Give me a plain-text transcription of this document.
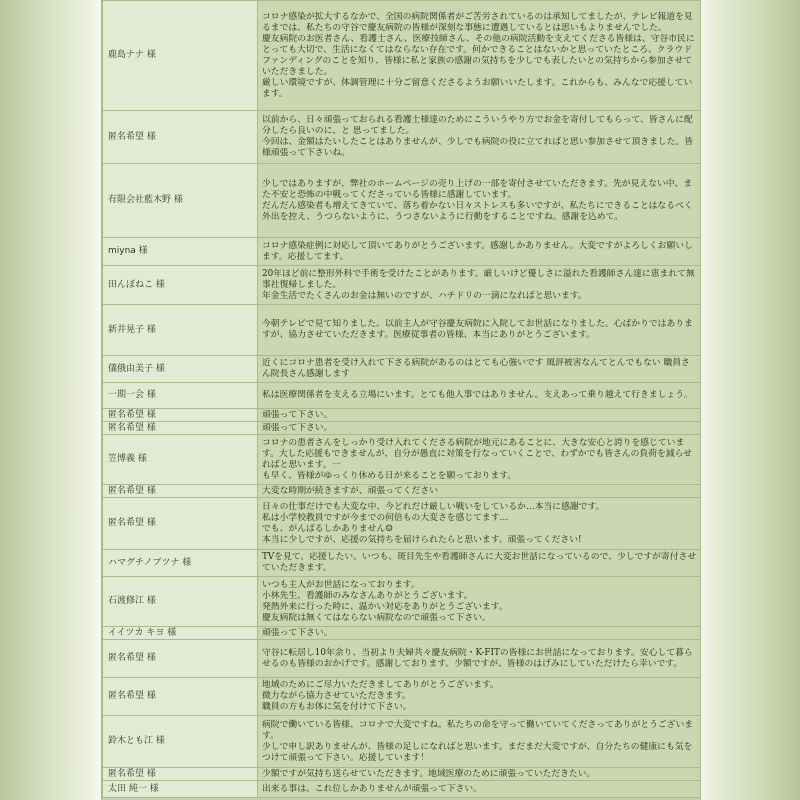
鹿島ナナ 様	コロナ感染が拡大するなかで、全国の病院関係者がご苦労されているのは承知してましたが、テレビ報道を見るまでは、私たちの守谷で慶友病院の皆様が深刻な事態に遭遇しているとは思いもよりませんでした。
慶友病院のお医者さん、看護士さん、医療技師さん、その他の病院活動を支えてくださる皆様は、守谷市民にとっても大切で、生活になくてはならない存在です。何かできることはないかと思っていたところ、クラウドファンディングのことを知り、皆様に私と家族の感謝の気持ちを少しでも表したいとの気持ちから参加させていただきました。
厳しい環境ですが、体調管理に十分ご留意くださるようお願いいたします。これからも、みんなで応援しています。
匿名希望 様	以前から、日々頑張っておられる看護士様達のためにこういうやり方でお金を寄付してもらって、皆さんに配分したら良いのに、と 思ってました。
今回は、金額はたいしたことはありませんが、少しでも病院の役に立てればと思い参加させて頂きました。皆様頑張って下さいね。
有限会社藍木野 様	少しではありますが、弊社のホームページの売り上げの一部を寄付させていただきます。先が見えない中、また不安と恐怖の中戦ってくださっている皆様に感謝しています。
だんだん感染者も増えてきていて、落ち着かない日々ストレスも多いですが、私たちにできることはなるべく外出を控え、うつらないように、うつさないように行動をすることですね。感謝を込めて。
miyna 様	コロナ感染症例に対応して頂いてありがとうございます。感謝しかありません。大変ですがよろしくお願いします。応援してます。
田んぼねこ 様	20年ほど前に整形外科で手術を受けたことがあります。厳しいけど優しさに溢れた看護師さん達に恵まれて無事社復帰しました。
年金生活でたくさんのお金は無いのですが、ハチドリの一滴になればと思います。
新井晃子 様	今朝テレビで見て知りました。以前主人が守谷慶友病院に入院してお世話になりました。心ばかりではありますが、協力させていただきます。医療従事者の皆様、本当にありがとうございます。
儀俄由美子 様	近くにコロナ患者を受け入れて下さる病院があるのはとても心強いです 風評被害なんてとんでもない 職員さん院長さん感謝します
一期一会 様	私は医療関係者を支える立場にいます。とても他人事ではありません。支えあって乗り越えて行きましょう。
匿名希望 様	頑張って下さい。
匿名希望 様	頑張って下さい。
笠博義 様	コロナの患者さんをしっかり受け入れてくださる病院が地元にあることに、大きな安心と誇りを感じています。大した応援もできませんが、自分が愚直に対策を行なっていくことで、わずかでも皆さんの負荷を減らせればと思います。一
も早く、皆様がゆっくり休める日が来ることを願っております。
匿名希望 様	大変な時期が続きますが、頑張ってください
匿名希望 様	日々の仕事だけでも大変な中、今どれだけ厳しい戦いをしているか…本当に感謝です。
私は小学校教員ですが今までの何倍もの大変さを感じてます…
でも、がんばるしかありません☺
本当に少しですが、応援の気持ちを届けられたらと思います。頑張ってください!
ハマグチノブツナ 様	TVを見て、応援したい。いつも、斑目先生や看護師さんに大変お世話になっているので、少しですが寄付させていただきます。
石渡修江 様	いつも主人がお世話になっております。
小林先生、看護師のみなさんありがとうございます。
発熱外来に行った時に、温かい対応をありがとうございます。
慶友病院は無くてはならない病院なので頑張って下さい。
イイツカ キヨ 様	頑張って下さい。
匿名希望 様	守谷に転居し10年余り、当初より夫婦共々慶友病院・K-FITの皆様にお世話になっております。安心して暮らせるのも皆様のおかげです。感謝しております。少額ですが、皆様のはげみにしていただけたら幸いです。
匿名希望 様	地域のためにご尽力いただきましてありがとうございます。
微力ながら協力させていただきます。
職員の方もお体に気を付けて下さい。
鈴木とも江 様	病院で働いている皆様、コロナで大変ですね。私たちの命を守って働いていてくださってありがとうございます。
少しで申し訳ありませんが、皆様の足しになればと思います。まだまだ大変ですが、自分たちの健康にも気をつけて頑張って下さい。応援しています！
匿名希望 様	少額ですが気持ち送らせていただきます。地域医療のために頑張っていただきたい。
太田 純一 様	出来る事は、これ位しかありませんが頑張って下さい。
